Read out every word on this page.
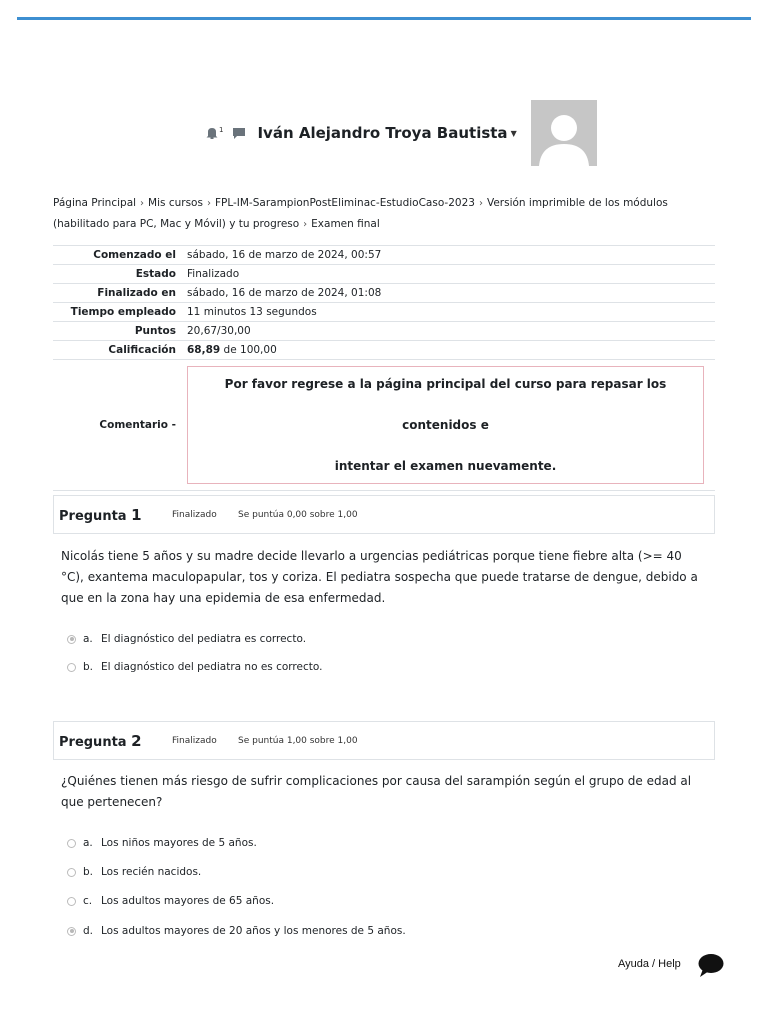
1 Iván Alejandro Troya Bautista ▼
Página Principal › Mis cursos › FPL-IM-SarampionPostEliminac-EstudioCaso-2023 › Versión imprimible de los módulos (habilitado para PC, Mac y Móvil) y tu progreso › Examen final
Comenzado el	sábado, 16 de marzo de 2024, 00:57
Estado	Finalizado
Finalizado en	sábado, 16 de marzo de 2024, 01:08
Tiempo empleado	11 minutos 13 segundos
Puntos	20,67/30,00
Calificación	68,89 de 100,00
Comentario -	Por favor regrese a la página principal del curso para repasar los contenidos e
intentar el examen nuevamente.
Pregunta 1	Finalizado	Se puntúa 0,00 sobre 1,00
Nicolás tiene 5 años y su madre decide llevarlo a urgencias pediátricas porque tiene fiebre alta (>= 40 °C), exantema maculopapular, tos y coriza. El pediatra sospecha que puede tratarse de dengue, debido a que en la zona hay una epidemia de esa enfermedad.
a. El diagnóstico del pediatra es correcto.
b. El diagnóstico del pediatra no es correcto.
Pregunta 2	Finalizado	Se puntúa 1,00 sobre 1,00
¿Quiénes tienen más riesgo de sufrir complicaciones por causa del sarampión según el grupo de edad al que pertenecen?
a. Los niños mayores de 5 años.
b. Los recién nacidos.
c. Los adultos mayores de 65 años.
d. Los adultos mayores de 20 años y los menores de 5 años.
Ayuda / Help
